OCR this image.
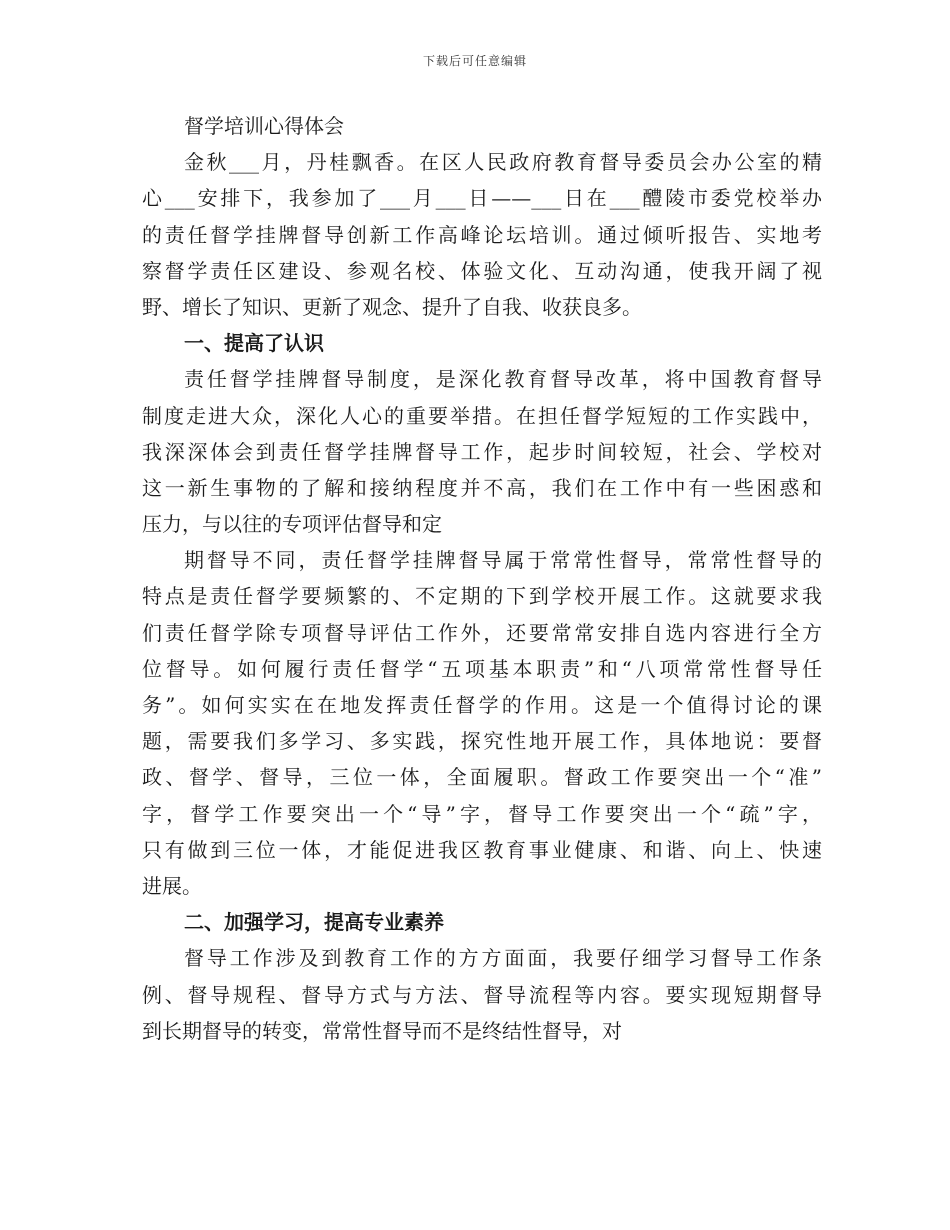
下载后可任意编辑
督学培训心得体会
金秋___月，丹桂飘香。在区人民政府教育督导委员会办公室的精
心___安排下，我参加了___月___日——___日在___醴陵市委党校举办
的责任督学挂牌督导创新工作高峰论坛培训。通过倾听报告、实地考
察督学责任区建设、参观名校、体验文化、互动沟通，使我开阔了视
野、增长了知识、更新了观念、提升了自我、收获良多。
一、提高了认识
责任督学挂牌督导制度，是深化教育督导改革，将中国教育督导
制度走进大众，深化人心的重要举措。在担任督学短短的工作实践中，
我深深体会到责任督学挂牌督导工作，起步时间较短，社会、学校对
这一新生事物的了解和接纳程度并不高，我们在工作中有一些困惑和
压力，与以往的专项评估督导和定
期督导不同，责任督学挂牌督导属于常常性督导，常常性督导的
特点是责任督学要频繁的、不定期的下到学校开展工作。这就要求我
们责任督学除专项督导评估工作外，还要常常安排自选内容进行全方
位督导。如何履行责任督学“五项基本职责”和“八项常常性督导任
务”。如何实实在在地发挥责任督学的作用。这是一个值得讨论的课
题，需要我们多学习、多实践，探究性地开展工作，具体地说：要督
政、督学、督导，三位一体，全面履职。督政工作要突出一个“准”
字，督学工作要突出一个“导”字，督导工作要突出一个“疏”字，
只有做到三位一体，才能促进我区教育事业健康、和谐、向上、快速
进展。
二、加强学习，提高专业素养
督导工作涉及到教育工作的方方面面，我要仔细学习督导工作条
例、督导规程、督导方式与方法、督导流程等内容。要实现短期督导
到长期督导的转变，常常性督导而不是终结性督导，对
